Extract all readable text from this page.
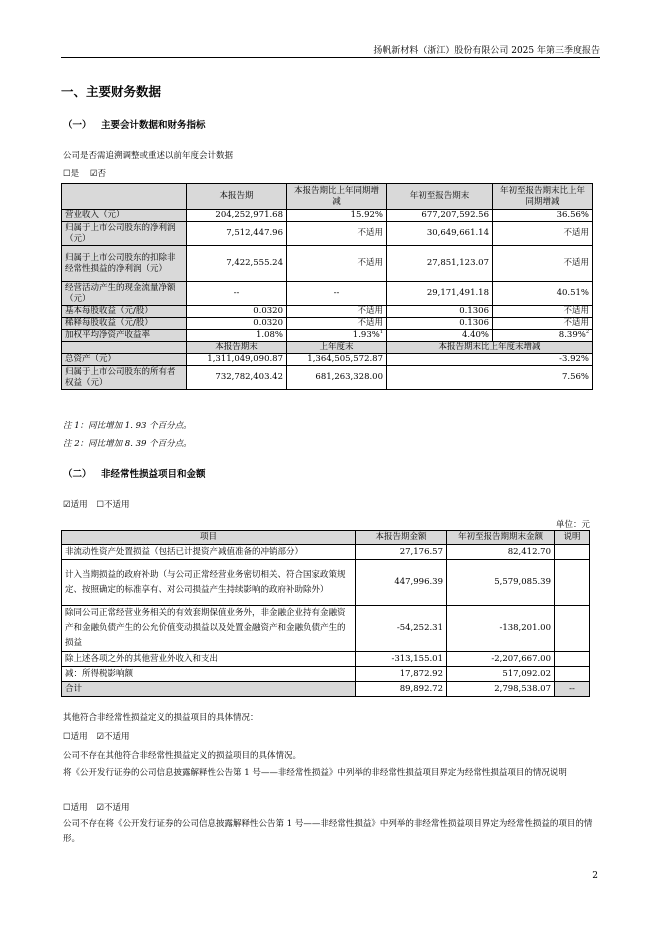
扬帆新材料（浙江）股份有限公司 2025 年第三季度报告
一、主要财务数据
（一） 主要会计数据和财务指标
公司是否需追溯调整或重述以前年度会计数据
☐是 ☑否
	本报告期	本报告期比上年同期增减	年初至报告期末	年初至报告期末比上年同期增减
营业收入（元）	204,252,971.68	15.92%	677,207,592.56	36.56%
归属于上市公司股东的净利润（元）	7,512,447.96	不适用	30,649,661.14	不适用
归属于上市公司股东的扣除非经常性损益的净利润（元）	7,422,555.24	不适用	27,851,123.07	不适用
经营活动产生的现金流量净额（元）	--	--	29,171,491.18	40.51%
基本每股收益（元/股）	0.0320	不适用	0.1306	不适用
稀释每股收益（元/股）	0.0320	不适用	0.1306	不适用
加权平均净资产收益率	1.08%	1.93%$^1$	4.40%	8.39%$^2$
	本报告期末	上年度末	本报告期末比上年度末增减	
总资产（元）	1,311,049,090.87	1,364,505,572.87	-3.92%	
归属于上市公司股东的所有者权益（元）	732,782,403.42	681,263,328.00	7.56%	
注 1：同比增加 1. 93 个百分点。
注 2：同比增加 8. 39 个百分点。
（二） 非经常性损益项目和金额
☑适用 ☐不适用
单位：元
项目	本报告期金额	年初至报告期期末金额	说明
非流动性资产处置损益（包括已计提资产减值准备的冲销部分）	27,176.57	82,412.70	
计入当期损益的政府补助（与公司正常经营业务密切相关、符合国家政策规定、按照确定的标准享有、对公司损益产生持续影响的政府补助除外）	447,996.39	5,579,085.39	
除同公司正常经营业务相关的有效套期保值业务外，非金融企业持有金融资产和金融负债产生的公允价值变动损益以及处置金融资产和金融负债产生的损益	-54,252.31	-138,201.00	
除上述各项之外的其他营业外收入和支出	-313,155.01	-2,207,667.00	
减：所得税影响额	17,872.92	517,092.02	
合计	89,892.72	2,798,538.07	--
其他符合非经常性损益定义的损益项目的具体情况：
☐适用 ☑不适用
公司不存在其他符合非经常性损益定义的损益项目的具体情况。
将《公开发行证券的公司信息披露解释性公告第 1 号——非经常性损益》中列举的非经常性损益项目界定为经常性损益项目的情况说明
☐适用 ☑不适用
公司不存在将《公开发行证券的公司信息披露解释性公告第 1 号——非经常性损益》中列举的非经常性损益项目界定为经常性损益的项目的情形。
2
